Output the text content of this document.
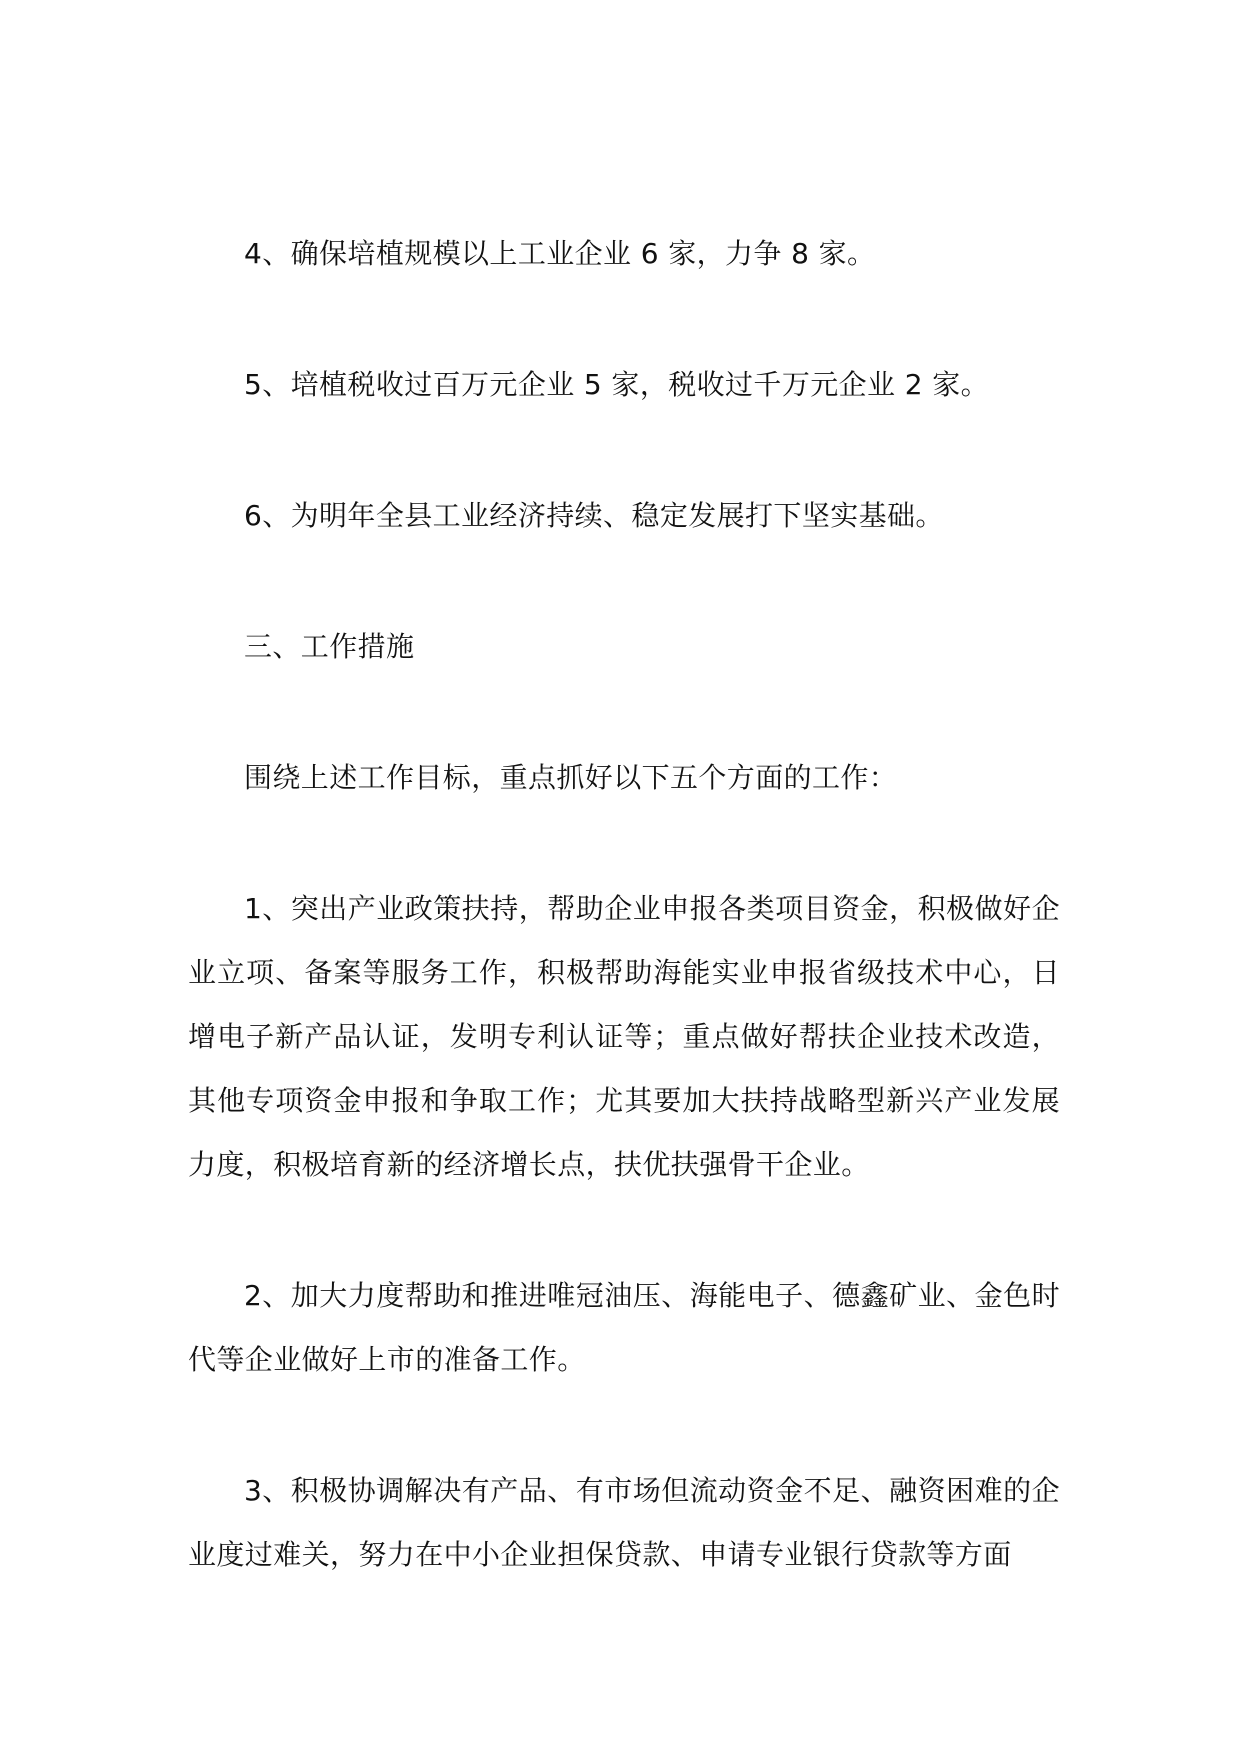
4、确保培植规模以上工业企业 6 家，力争 8 家。

5、培植税收过百万元企业 5 家，税收过千万元企业 2 家。

6、为明年全县工业经济持续、稳定发展打下坚实基础。

三、工作措施

围绕上述工作目标，重点抓好以下五个方面的工作：

1、突出产业政策扶持，帮助企业申报各类项目资金，积极做好企业立项、备案等服务工作，积极帮助海能实业申报省级技术中心，日增电子新产品认证，发明专利认证等；重点做好帮扶企业技术改造，其他专项资金申报和争取工作；尤其要加大扶持战略型新兴产业发展力度，积极培育新的经济增长点，扶优扶强骨干企业。

2、加大力度帮助和推进唯冠油压、海能电子、德鑫矿业、金色时代等企业做好上市的准备工作。

3、积极协调解决有产品、有市场但流动资金不足、融资困难的企业度过难关，努力在中小企业担保贷款、申请专业银行贷款等方面
